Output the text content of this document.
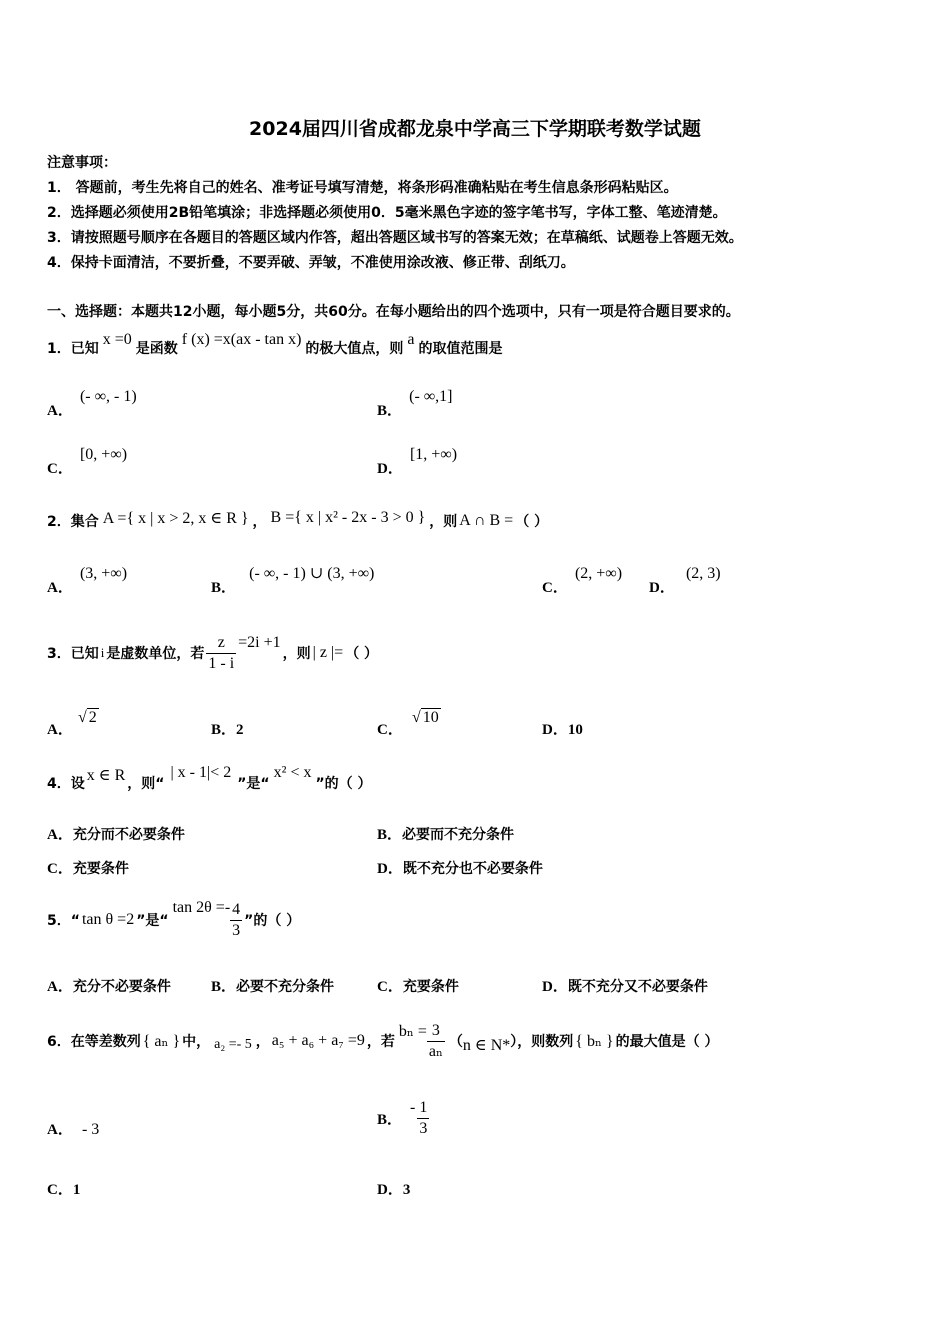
2024届四川省成都龙泉中学高三下学期联考数学试题
注意事项：
1． 答题前，考生先将自己的姓名、准考证号填写清楚，将条形码准确粘贴在考生信息条形码粘贴区。
2．选择题必须使用2B铅笔填涂；非选择题必须使用0．5毫米黑色字迹的签字笔书写，字体工整、笔迹清楚。
3．请按照题号顺序在各题目的答题区域内作答，超出答题区域书写的答案无效；在草稿纸、试题卷上答题无效。
4．保持卡面清洁，不要折叠，不要弄破、弄皱，不准使用涂改液、修正带、刮纸刀。
一、选择题：本题共12小题，每小题5分，共60分。在每小题给出的四个选项中，只有一项是符合题目要求的。
1．已知
x =0
是函数
f (x) =x(ax - tan x)
的极大值点，则
a
的取值范围是
A． (- ∞, - 1)
B． (- ∞,1]
C． [0, +∞)
D． [1, +∞)
2．集合 A ={ x | x > 2, x ∈ R } ， B ={ x | x² - 2x - 3 > 0 } ，则 A ∩ B = （ ）
A． (3, +∞)
B． (- ∞, - 1) ∪ (3, +∞)
C． (2, +∞)
D． (2, 3)
3．已知 i 是虚数单位，若 $\frac{z}{1 - i} =2i +1$
，则 | z |= （ ）
A． √ 2
B．2	C． √ 10
D．10
4．设 x ∈ R ，则“
| x - 1|< 2
”是“
x² < x
”的（ ）
A．充分而不必要条件	B．必要而不充分条件
C．充要条件	D．既不充分也不必要条件
5．“ tan θ =2 ”是“
$\tan 2\theta =- \frac{4}{3}$ ”的（ ）
A．充分不必要条件	B．必要不充分条件	C．充要条件	D．既不充分又不必要条件
6．在等差数列 { aₙ } 中， a₂ =- 5 ， a₅ + a₆ + a₇ =9 ，若
$b_n = \frac{3}{\text{aₙ}}$ （ n ∈ N* ），则数列 { bₙ } 的最大值是（ ）
A． - 3
B．
- $\frac{1}{3}$
C．1	D．3
